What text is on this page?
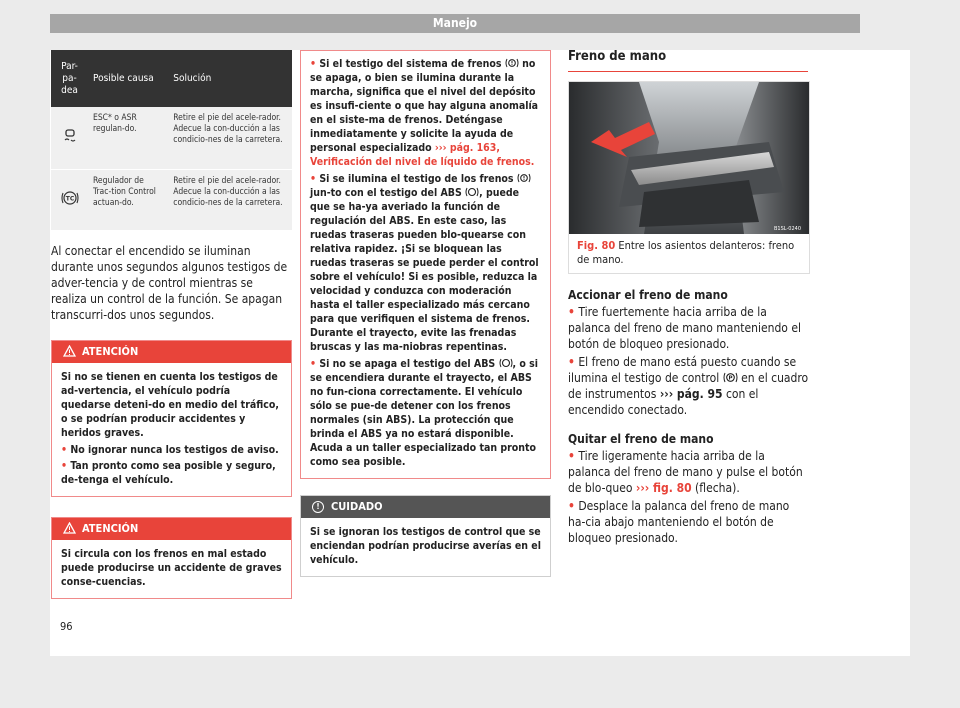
Manejo
96
Par-
pa-
dea	Posible causa	Solución
	ESC* o ASR regulan-do.	Retire el pie del acele-rador. Adecue la con-ducción a las condicio-nes de la carretera.

TC	Regulador de Trac-tion Control actuan-do.	Retire el pie del acele-rador. Adecue la con-ducción a las condicio-nes de la carretera.

Al conectar el encendido se iluminan durante unos segundos algunos testigos de adver-tencia y de control mientras se realiza un control de la función. Se apagan transcurri-dos unos segundos.

ATENCIÓN

Si no se tienen en cuenta los testigos de ad-vertencia, el vehículo podría quedarse deteni-do en medio del tráfico, o se podrían producir accidentes y heridos graves.

• No ignorar nunca los testigos de aviso.

• Tan pronto como sea posible y seguro, de-tenga el vehículo.

ATENCIÓN

Si circula con los frenos en mal estado puede producirse un accidente de graves conse-cuencias.

• Si el testigo del sistema de frenos no se apaga, o bien se ilumina durante la marcha, significa que el nivel del depósito es insufi-ciente o que hay alguna anomalía en el siste-ma de frenos. Deténgase inmediatamente y solicite la ayuda de personal especializado ››› pág. 163, Verificación del nivel de líquido de frenos.

• Si se ilumina el testigo de los frenos  jun-to con el testigo del ABS , puede que se ha-ya averiado la función de regulación del ABS. En este caso, las ruedas traseras pueden blo-quearse con relativa rapidez. ¡Si se bloquean las ruedas traseras se puede perder el control sobre el vehículo! Si es posible, reduzca la velocidad y conduzca con moderación hasta el taller especializado más cercano para que verifiquen el sistema de frenos. Durante el trayecto, evite las frenadas bruscas y las ma-niobras repentinas.

• Si no se apaga el testigo del ABS , o si se encendiera durante el trayecto, el ABS no fun-ciona correctamente. El vehículo sólo se pue-de detener con los frenos normales (sin ABS). La protección que brinda el ABS ya no estará disponible. Acuda a un taller especializado tan pronto como sea posible.

!	CUIDADO

Si se ignoran los testigos de control que se enciendan podrían producirse averías en el vehículo.

Freno de mano
B1SL-0240
Fig. 80 Entre los asientos delanteros: freno de mano.
Accionar el freno de mano

• Tire fuertemente hacia arriba de la palanca del freno de mano manteniendo el botón de bloqueo presionado.

• El freno de mano está puesto cuando se ilumina el testigo de control P en el cuadro de instrumentos ››› pág. 95 con el encendido conectado.

Quitar el freno de mano

• Tire ligeramente hacia arriba de la palanca del freno de mano y pulse el botón de blo-queo ››› fig. 80 (flecha).

• Desplace la palanca del freno de mano ha-cia abajo manteniendo el botón de bloqueo presionado.
